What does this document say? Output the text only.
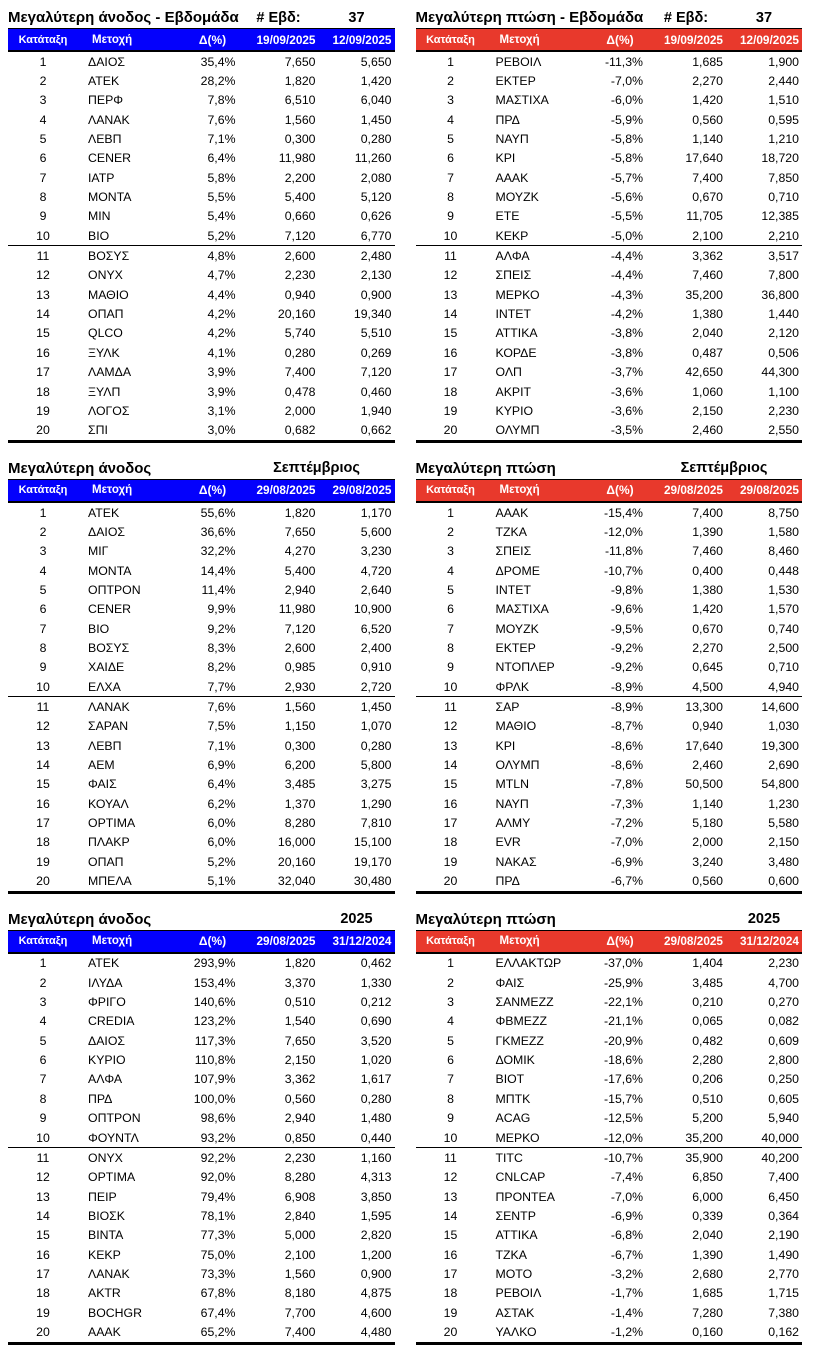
Μεγαλύτερη άνοδος - Εβδομάδα	# Εβδ:	37
Κατάταξη	Μετοχή	Δ(%)	19/09/2025	12/09/2025
1	ΔΑΙΟΣ	35,4%	7,650	5,650
2	ΑΤΕΚ	28,2%	1,820	1,420
3	ΠΕΡΦ	7,8%	6,510	6,040
4	ΛΑΝΑΚ	7,6%	1,560	1,450
5	ΛΕΒΠ	7,1%	0,300	0,280
6	CENER	6,4%	11,980	11,260
7	ΙΑΤΡ	5,8%	2,200	2,080
8	ΜΟΝΤΑ	5,5%	5,400	5,120
9	ΜΙΝ	5,4%	0,660	0,626
10	ΒΙΟ	5,2%	7,120	6,770
11	ΒΟΣΥΣ	4,8%	2,600	2,480
12	ONYX	4,7%	2,230	2,130
13	ΜΑΘΙΟ	4,4%	0,940	0,900
14	ΟΠΑΠ	4,2%	20,160	19,340
15	QLCO	4,2%	5,740	5,510
16	ΞΥΛΚ	4,1%	0,280	0,269
17	ΛΑΜΔΑ	3,9%	7,400	7,120
18	ΞΥΛΠ	3,9%	0,478	0,460
19	ΛΟΓΟΣ	3,1%	2,000	1,940
20	ΣΠΙ	3,0%	0,682	0,662
Μεγαλύτερη πτώση - Εβδομάδα	# Εβδ:	37
Κατάταξη	Μετοχή	Δ(%)	19/09/2025	12/09/2025
1	ΡΕΒΟΙΛ	-11,3%	1,685	1,900
2	ΕΚΤΕΡ	-7,0%	2,270	2,440
3	ΜΑΣΤΙΧΑ	-6,0%	1,420	1,510
4	ΠΡΔ	-5,9%	0,560	0,595
5	ΝΑΥΠ	-5,8%	1,140	1,210
6	ΚΡΙ	-5,8%	17,640	18,720
7	ΑΑΑΚ	-5,7%	7,400	7,850
8	ΜΟΥΖΚ	-5,6%	0,670	0,710
9	ΕΤΕ	-5,5%	11,705	12,385
10	ΚΕΚΡ	-5,0%	2,100	2,210
11	ΑΛΦΑ	-4,4%	3,362	3,517
12	ΣΠΕΙΣ	-4,4%	7,460	7,800
13	ΜΕΡΚΟ	-4,3%	35,200	36,800
14	ΙΝΤΕΤ	-4,2%	1,380	1,440
15	ΑΤΤΙΚΑ	-3,8%	2,040	2,120
16	ΚΟΡΔΕ	-3,8%	0,487	0,506
17	ΟΛΠ	-3,7%	42,650	44,300
18	ΑΚΡΙΤ	-3,6%	1,060	1,100
19	ΚΥΡΙΟ	-3,6%	2,150	2,230
20	ΟΛΥΜΠ	-3,5%	2,460	2,550
Μεγαλύτερη άνοδος	Σεπτέμβριος
Κατάταξη	Μετοχή	Δ(%)	29/08/2025	29/08/2025
1	ΑΤΕΚ	55,6%	1,820	1,170
2	ΔΑΙΟΣ	36,6%	7,650	5,600
3	ΜΙΓ	32,2%	4,270	3,230
4	ΜΟΝΤΑ	14,4%	5,400	4,720
5	ΟΠΤΡΟΝ	11,4%	2,940	2,640
6	CENER	9,9%	11,980	10,900
7	ΒΙΟ	9,2%	7,120	6,520
8	ΒΟΣΥΣ	8,3%	2,600	2,400
9	ΧΑΙΔΕ	8,2%	0,985	0,910
10	ΕΛΧΑ	7,7%	2,930	2,720
11	ΛΑΝΑΚ	7,6%	1,560	1,450
12	ΣΑΡΑΝ	7,5%	1,150	1,070
13	ΛΕΒΠ	7,1%	0,300	0,280
14	ΑΕΜ	6,9%	6,200	5,800
15	ΦΑΙΣ	6,4%	3,485	3,275
16	ΚΟΥΑΛ	6,2%	1,370	1,290
17	OPTIMA	6,0%	8,280	7,810
18	ΠΛΑΚΡ	6,0%	16,000	15,100
19	ΟΠΑΠ	5,2%	20,160	19,170
20	ΜΠΕΛΑ	5,1%	32,040	30,480
Μεγαλύτερη πτώση	Σεπτέμβριος
Κατάταξη	Μετοχή	Δ(%)	29/08/2025	29/08/2025
1	ΑΑΑΚ	-15,4%	7,400	8,750
2	ΤΖΚΑ	-12,0%	1,390	1,580
3	ΣΠΕΙΣ	-11,8%	7,460	8,460
4	ΔΡΟΜΕ	-10,7%	0,400	0,448
5	ΙΝΤΕΤ	-9,8%	1,380	1,530
6	ΜΑΣΤΙΧΑ	-9,6%	1,420	1,570
7	ΜΟΥΖΚ	-9,5%	0,670	0,740
8	ΕΚΤΕΡ	-9,2%	2,270	2,500
9	ΝΤΟΠΛΕΡ	-9,2%	0,645	0,710
10	ΦΡΛΚ	-8,9%	4,500	4,940
11	ΣΑΡ	-8,9%	13,300	14,600
12	ΜΑΘΙΟ	-8,7%	0,940	1,030
13	ΚΡΙ	-8,6%	17,640	19,300
14	ΟΛΥΜΠ	-8,6%	2,460	2,690
15	MTLN	-7,8%	50,500	54,800
16	ΝΑΥΠ	-7,3%	1,140	1,230
17	ΑΛΜΥ	-7,2%	5,180	5,580
18	EVR	-7,0%	2,000	2,150
19	ΝΑΚΑΣ	-6,9%	3,240	3,480
20	ΠΡΔ	-6,7%	0,560	0,600
Μεγαλύτερη άνοδος	2025
Κατάταξη	Μετοχή	Δ(%)	29/08/2025	31/12/2024
1	ΑΤΕΚ	293,9%	1,820	0,462
2	ΙΛΥΔΑ	153,4%	3,370	1,330
3	ΦΡΙΓΟ	140,6%	0,510	0,212
4	CREDIA	123,2%	1,540	0,690
5	ΔΑΙΟΣ	117,3%	7,650	3,520
6	ΚΥΡΙΟ	110,8%	2,150	1,020
7	ΑΛΦΑ	107,9%	3,362	1,617
8	ΠΡΔ	100,0%	0,560	0,280
9	ΟΠΤΡΟΝ	98,6%	2,940	1,480
10	ΦΟΥΝΤΛ	93,2%	0,850	0,440
11	ONYX	92,2%	2,230	1,160
12	OPTIMA	92,0%	8,280	4,313
13	ΠΕΙΡ	79,4%	6,908	3,850
14	ΒΙΟΣΚ	78,1%	2,840	1,595
15	ΒΙΝΤΑ	77,3%	5,000	2,820
16	ΚΕΚΡ	75,0%	2,100	1,200
17	ΛΑΝΑΚ	73,3%	1,560	0,900
18	AKTR	67,8%	8,180	4,875
19	BOCHGR	67,4%	7,700	4,600
20	ΑΑΑΚ	65,2%	7,400	4,480
Μεγαλύτερη πτώση	2025
Κατάταξη	Μετοχή	Δ(%)	29/08/2025	31/12/2024
1	ΕΛΛΑΚΤΩΡ	-37,0%	1,404	2,230
2	ΦΑΙΣ	-25,9%	3,485	4,700
3	ΣΑΝΜΕΖΖ	-22,1%	0,210	0,270
4	ΦΒΜΕΖΖ	-21,1%	0,065	0,082
5	ΓΚΜΕΖΖ	-20,9%	0,482	0,609
6	ΔΟΜΙΚ	-18,6%	2,280	2,800
7	ΒΙΟΤ	-17,6%	0,206	0,250
8	ΜΠΤΚ	-15,7%	0,510	0,605
9	ACAG	-12,5%	5,200	5,940
10	ΜΕΡΚΟ	-12,0%	35,200	40,000
11	TITC	-10,7%	35,900	40,200
12	CNLCAP	-7,4%	6,850	7,400
13	ΠΡΟΝΤΕΑ	-7,0%	6,000	6,450
14	ΣΕΝΤΡ	-6,9%	0,339	0,364
15	ΑΤΤΙΚΑ	-6,8%	2,040	2,190
16	ΤΖΚΑ	-6,7%	1,390	1,490
17	ΜΟΤΟ	-3,2%	2,680	2,770
18	ΡΕΒΟΙΛ	-1,7%	1,685	1,715
19	ΑΣΤΑΚ	-1,4%	7,280	7,380
20	ΥΑΛΚΟ	-1,2%	0,160	0,162
